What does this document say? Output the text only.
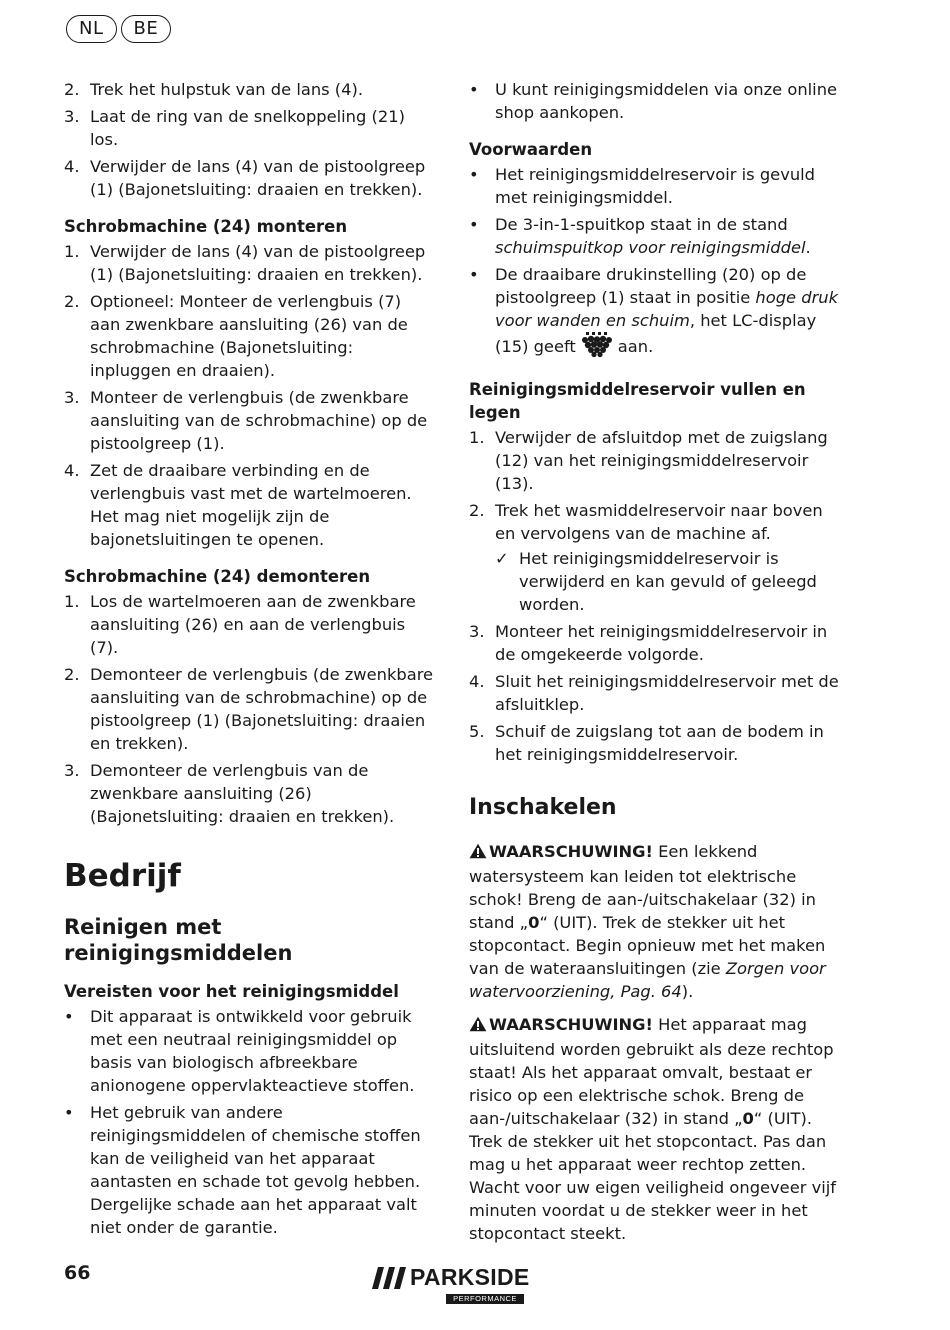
NL	BE
2. Trek het hulpstuk van de lans (4).
3. Laat de ring van de snelkoppeling (21) los.
4. Verwijder de lans (4) van de pistoolgreep (1) (Bajonetsluiting: draaien en trekken).
Schrobmachine (24) monteren
1. Verwijder de lans (4) van de pistoolgreep (1) (Bajonetsluiting: draaien en trekken).
2. Optioneel: Monteer de verlengbuis (7) aan zwenkbare aansluiting (26) van de schrobmachine (Bajonetsluiting: inpluggen en draaien).
3. Monteer de verlengbuis (de zwenkbare aansluiting van de schrobmachine) op de pistoolgreep (1).
4. Zet de draaibare verbinding en de verlengbuis vast met de wartelmoeren. Het mag niet mogelijk zijn de bajonetsluitingen te openen.
Schrobmachine (24) demonteren
1. Los de wartelmoeren aan de zwenkbare aansluiting (26) en aan de verlengbuis (7).
2. Demonteer de verlengbuis (de zwenkbare aansluiting van de schrobmachine) op de pistoolgreep (1) (Bajonetsluiting: draaien en trekken).
3. Demonteer de verlengbuis van de zwenkbare aansluiting (26) (Bajonetsluiting: draaien en trekken).
Bedrijf
Reinigen met reinigingsmiddelen
Vereisten voor het reinigingsmiddel
• Dit apparaat is ontwikkeld voor gebruik met een neutraal reinigingsmiddel op basis van biologisch afbreekbare anionogene oppervlakteactieve stoffen.
• Het gebruik van andere reinigingsmiddelen of chemische stoffen kan de veiligheid van het apparaat aantasten en schade tot gevolg hebben. Dergelijke schade aan het apparaat valt niet onder de garantie.
• U kunt reinigingsmiddelen via onze online shop aankopen.
Voorwaarden
• Het reinigingsmiddelreservoir is gevuld met reinigingsmiddel.
• De 3-in-1-spuitkop staat in de stand schuimspuitkop voor reinigingsmiddel.
• De draaibare drukinstelling (20) op de pistoolgreep (1) staat in positie hoge druk voor wanden en schuim, het LC-display (15) geeft	aan.
Reinigingsmiddelreservoir vullen en legen
1. Verwijder de afsluitdop met de zuigslang (12) van het reinigingsmiddelreservoir (13).
2. Trek het wasmiddelreservoir naar boven en vervolgens van de machine af.
✓ Het reinigingsmiddelreservoir is verwijderd en kan gevuld of geleegd worden.
3. Monteer het reinigingsmiddelreservoir in de omgekeerde volgorde.
4. Sluit het reinigingsmiddelreservoir met de afsluitklep.
5. Schuif de zuigslang tot aan de bodem in het reinigingsmiddelreservoir.
Inschakelen
WAARSCHUWING! Een lekkend watersysteem kan leiden tot elektrische schok! Breng de aan-/uitschakelaar (32) in stand „0“ (UIT). Trek de stekker uit het stopcontact. Begin opnieuw met het maken van de wateraansluitingen (zie Zorgen voor watervoorziening, Pag. 64).
WAARSCHUWING! Het apparaat mag uitsluitend worden gebruikt als deze rechtop staat! Als het apparaat omvalt, bestaat er risico op een elektrische schok. Breng de aan-/uitschakelaar (32) in stand „0“ (UIT). Trek de stekker uit het stopcontact. Pas dan mag u het apparaat weer rechtop zetten. Wacht voor uw eigen veiligheid ongeveer vijf minuten voordat u de stekker weer in het stopcontact steekt.
66	PARKSIDE
PERFORMANCE
